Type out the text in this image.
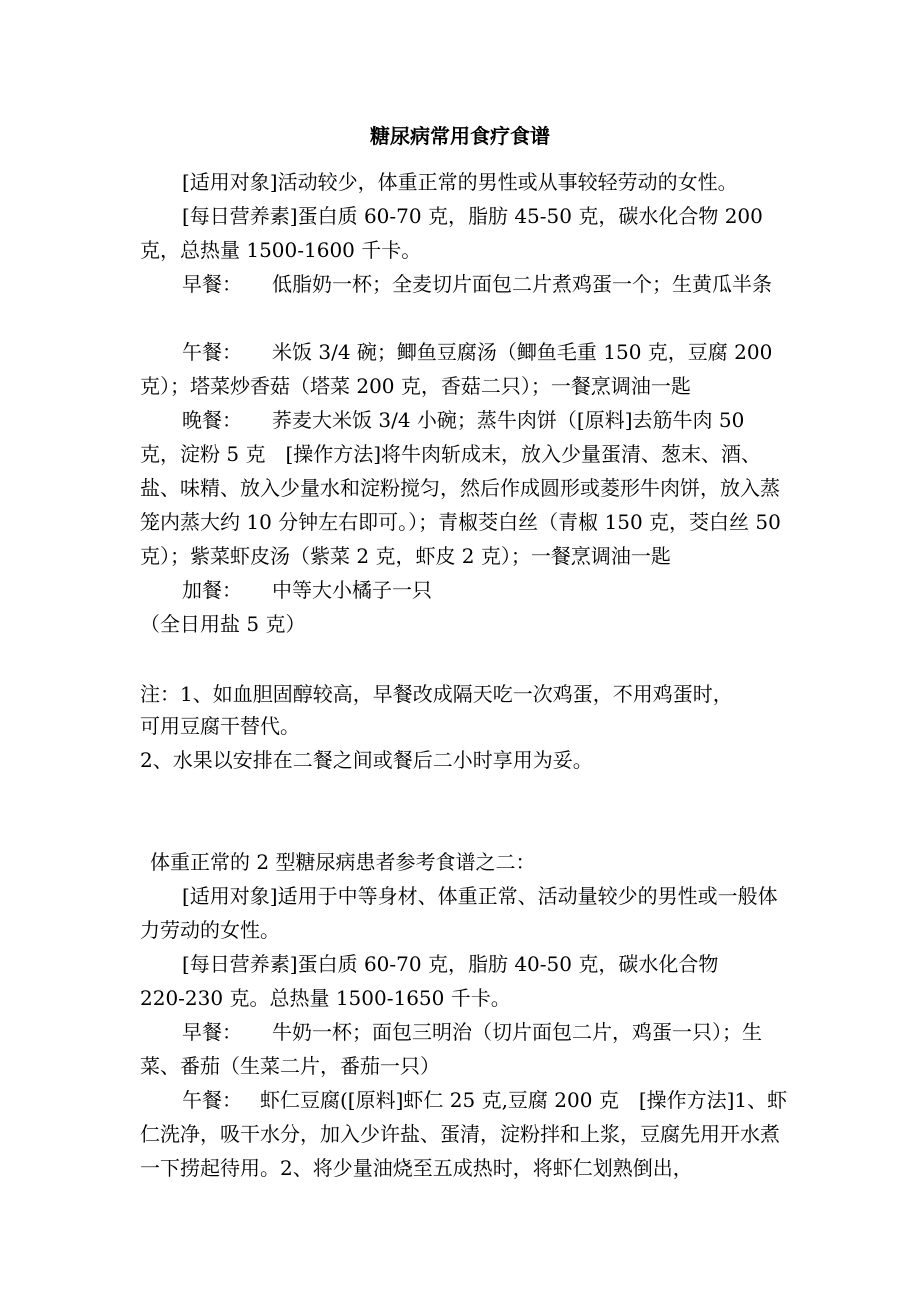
糖尿病常用食疗食谱

[适用对象]活动较少，体重正常的男性或从事较轻劳动的女性。

[每日营养素]蛋白质 60-70 克，脂肪 45-50 克，碳水化合物 200 克，总热量 1500-1600 千卡。

早餐： 低脂奶一杯；全麦切片面包二片煮鸡蛋一个；生黄瓜半条

午餐： 米饭 3/4 碗；鲫鱼豆腐汤（鲫鱼毛重 150 克，豆腐 200 克）；塔菜炒香菇（塔菜 200 克，香菇二只）；一餐烹调油一匙

晚餐： 荞麦大米饭 3/4 小碗；蒸牛肉饼（[原料]去筋牛肉 50 克，淀粉 5 克　[操作方法]将牛肉斩成末，放入少量蛋清、葱末、酒、盐、味精、放入少量水和淀粉搅匀，然后作成圆形或菱形牛肉饼，放入蒸笼内蒸大约 10 分钟左右即可。）；青椒茭白丝（青椒 150 克，茭白丝 50 克）；紫菜虾皮汤（紫菜 2 克，虾皮 2 克）；一餐烹调油一匙

加餐： 中等大小橘子一只

（全日用盐 5 克）

注：1、如血胆固醇较高，早餐改成隔天吃一次鸡蛋，不用鸡蛋时，

可用豆腐干替代。

2、水果以安排在二餐之间或餐后二小时享用为妥。

体重正常的 2 型糖尿病患者参考食谱之二：

[适用对象]适用于中等身材、体重正常、活动量较少的男性或一般体力劳动的女性。

[每日营养素]蛋白质 60-70 克，脂肪 40-50 克，碳水化合物

220-230 克。总热量 1500-1650 千卡。

早餐： 牛奶一杯；面包三明治（切片面包二片，鸡蛋一只）；生菜、番茄（生菜二片，番茄一只）

午餐： 虾仁豆腐([原料]虾仁 25 克,豆腐 200 克　[操作方法]1、虾仁洗净，吸干水分，加入少许盐、蛋清，淀粉拌和上浆，豆腐先用开水煮一下捞起待用。2、将少量油烧至五成热时，将虾仁划熟倒出，
